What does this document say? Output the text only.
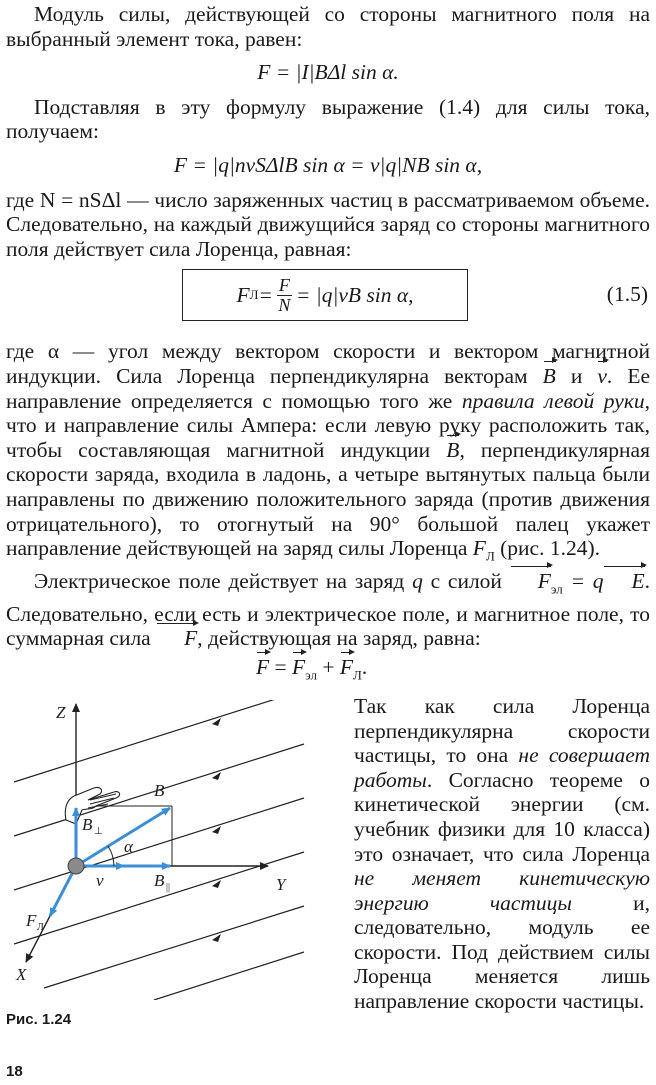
Модуль силы, действующей со стороны магнитного поля на выбранный элемент тока, равен:

F = |I|BΔl sin α.

Подставляя в эту формулу выражение (1.4) для силы тока, получаем:

F = |q|nvSΔlB sin α = v|q|NB sin α,

где N = nSΔl — число заряженных частиц в рассматриваемом объеме. Следовательно, на каждый движущийся заряд со стороны магнитного поля действует сила Лоренца, равная:

F $Л = \frac{F}{N} = |q|vB$ sin α,	(1.5)

где α — угол между вектором скорости и вектором магнитной индукции. Сила Лоренца перпендикулярна векторам B и v. Ее направление определяется с помощью того же правила левой руки, что и направление силы Ампера: если левую руку расположить так, чтобы составляющая магнитной индукции B, перпендикулярная скорости заряда, входила в ладонь, а четыре вытянутых пальца были направлены по движению положительного заряда (против движения отрицательного), то отогнутый на 90° большой палец укажет направление действующей на заряд силы Лоренца $F_Л$ (рис. 1.24).

Электрическое поле действует на заряд q с силой $F_{эл} = q$ E. Следовательно, если есть и электрическое поле, и магнитное поле, то суммарная сила F, действующая на заряд, равна:

$F = F_{эл} + F_Л$.
Z
Y
X
B
B ⊥
B ||
α
v
F Л
Рис. 1.24

Так как сила Лоренца перпендикулярна скорости частицы, то она не совершает работы. Согласно теореме о кинетической энергии (см. учебник физики для 10 класса) это означает, что сила Лоренца не меняет кинетическую энергию частицы и, следовательно, модуль ее скорости. Под действием силы Лоренца меняется лишь направление скорости частицы.

18
